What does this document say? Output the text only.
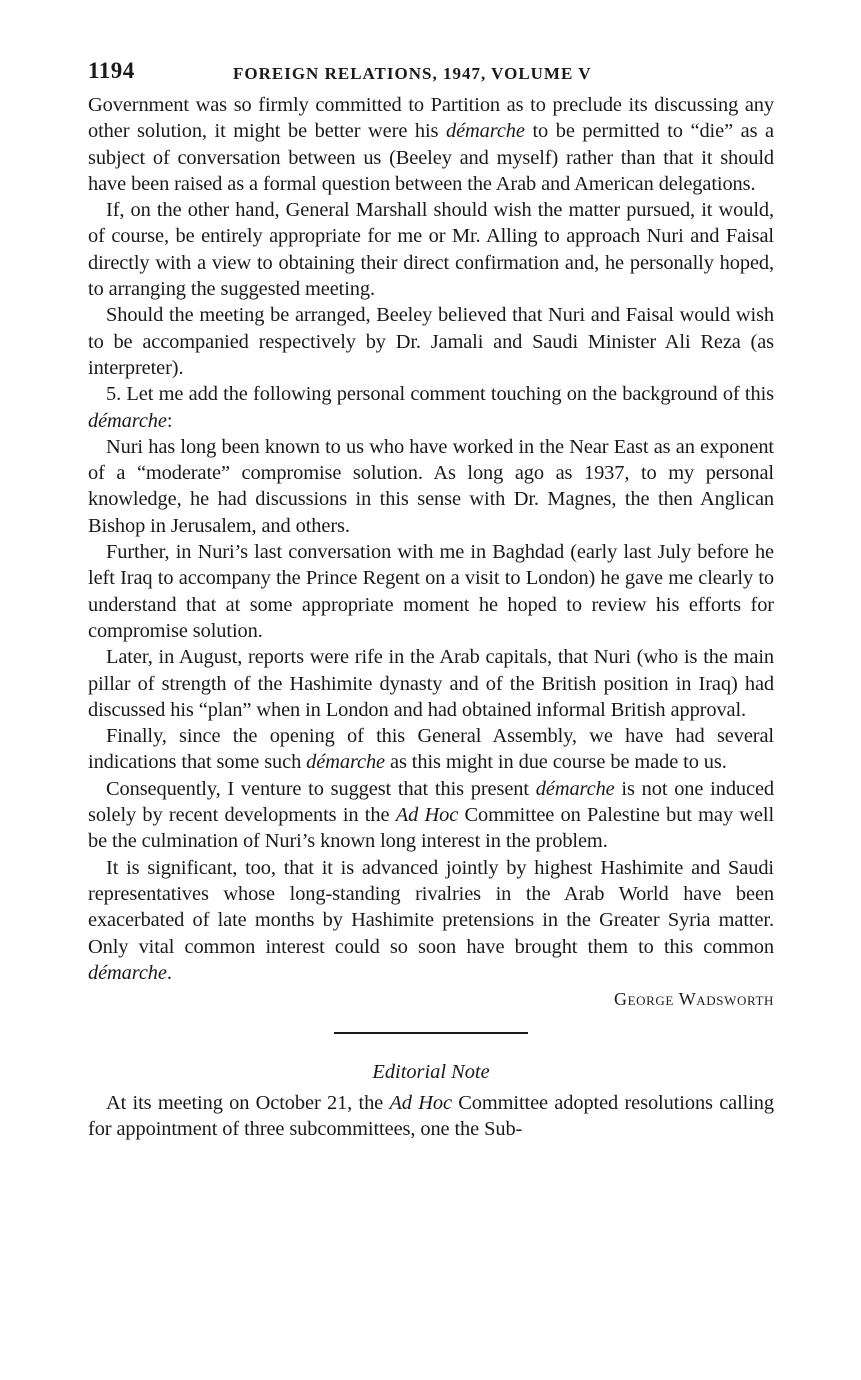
1194	FOREIGN RELATIONS, 1947, VOLUME V

Government was so firmly committed to Partition as to preclude its discussing any other solution, it might be better were his démarche to be permitted to “die” as a subject of conversation between us (Beeley and myself) rather than that it should have been raised as a formal question between the Arab and American delegations.

If, on the other hand, General Marshall should wish the matter pursued, it would, of course, be entirely appropriate for me or Mr. Alling to approach Nuri and Faisal directly with a view to obtaining their direct confirmation and, he personally hoped, to arranging the suggested meeting.

Should the meeting be arranged, Beeley believed that Nuri and Faisal would wish to be accompanied respectively by Dr. Jamali and Saudi Minister Ali Reza (as interpreter).

5. Let me add the following personal comment touching on the background of this démarche:

Nuri has long been known to us who have worked in the Near East as an exponent of a “moderate” compromise solution. As long ago as 1937, to my personal knowledge, he had discussions in this sense with Dr. Magnes, the then Anglican Bishop in Jerusalem, and others.

Further, in Nuri’s last conversation with me in Baghdad (early last July before he left Iraq to accompany the Prince Regent on a visit to London) he gave me clearly to understand that at some appropriate moment he hoped to review his efforts for compromise solution.

Later, in August, reports were rife in the Arab capitals, that Nuri (who is the main pillar of strength of the Hashimite dynasty and of the British position in Iraq) had discussed his “plan” when in London and had obtained informal British approval.

Finally, since the opening of this General Assembly, we have had several indications that some such démarche as this might in due course be made to us.

Consequently, I venture to suggest that this present démarche is not one induced solely by recent developments in the Ad Hoc Committee on Palestine but may well be the culmination of Nuri’s known long interest in the problem.

It is significant, too, that it is advanced jointly by highest Hashimite and Saudi representatives whose long-standing rivalries in the Arab World have been exacerbated of late months by Hashimite pretensions in the Greater Syria matter. Only vital common interest could so soon have brought them to this common démarche.

George Wadsworth
Editorial Note

At its meeting on October 21, the Ad Hoc Committee adopted resolutions calling for appointment of three subcommittees, one the Sub-
